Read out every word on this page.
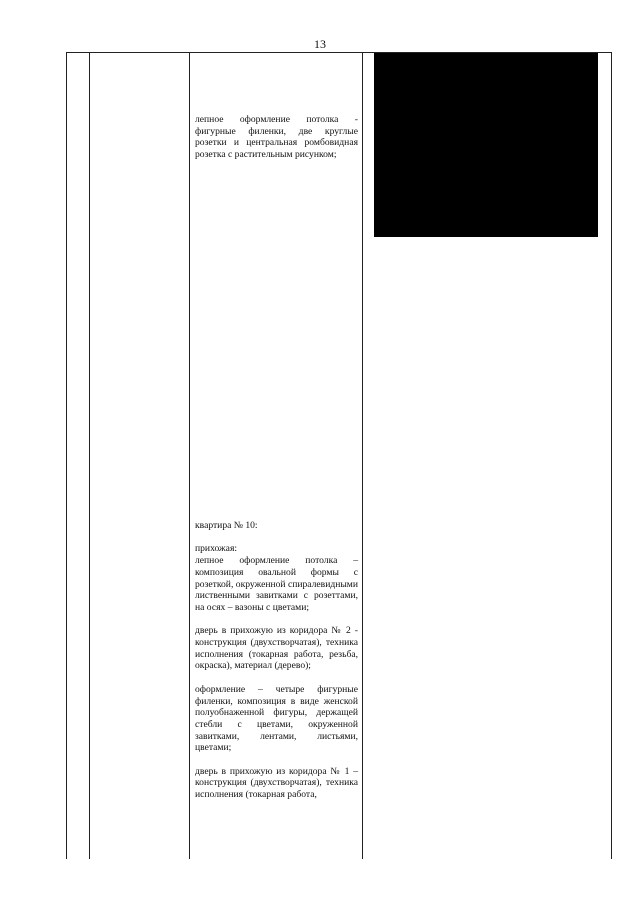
13

лепное оформление потолка - фигурные филенки, две круглые розетки и центральная ромбовидная розетка с растительным рисунком;

квартира № 10:

прихожая:
лепное оформление потолка – композиция овальной формы с розеткой, окруженной спиралевидными лиственными завитками с розеттами, на осях – вазоны с цветами;

дверь в прихожую из коридора № 2 - конструкция (двухстворчатая), техника исполнения (токарная работа, резьба, окраска), материал (дерево);

оформление – четыре фигурные филенки, композиция в виде женской полуобнаженной фигуры, держащей стебли с цветами, окруженной завитками, лентами, листьями, цветами;

дверь в прихожую из коридора № 1 – конструкция (двухстворчатая), техника исполнения (токарная работа,
